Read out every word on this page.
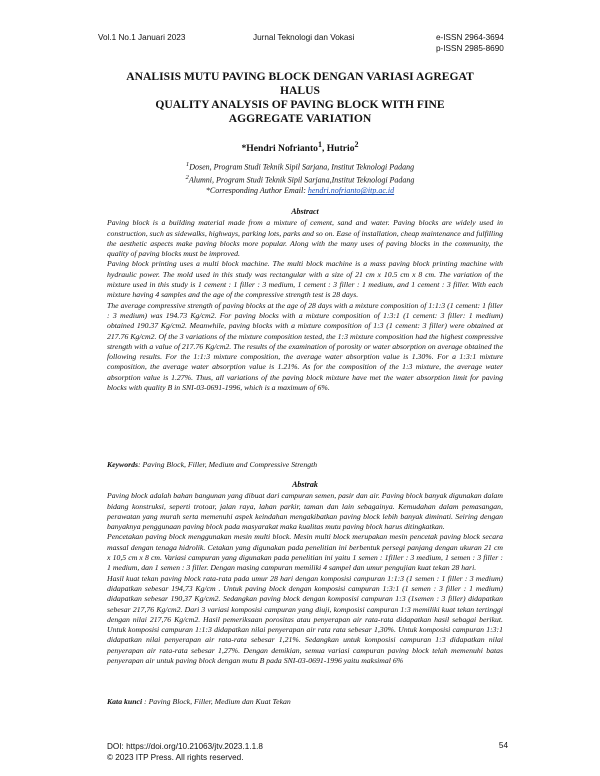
Vol.1 No.1 Januari 2023	Jurnal Teknologi dan Vokasi	e-ISSN 2964-3694
p-ISSN 2985-8690
ANALISIS MUTU PAVING BLOCK DENGAN VARIASI AGREGAT
HALUS
QUALITY ANALYSIS OF PAVING BLOCK WITH FINE
AGGREGATE VARIATION
*Hendri Nofrianto$^1$, Hutrio$^2$
$^1$Dosen, Program Studi Teknik Sipil Sarjana, Institut Teknologi Padang
$^2$Alumni, Program Studi Teknik Sipil Sarjana,Institut Teknologi Padang
*Corresponding Author Email: hendri.nofrianto@itp.ac.id
Abstract

Paving block is a building material made from a mixture of cement, sand and water. Paving blocks are widely used in construction, such as sidewalks, highways, parking lots, parks and so on. Ease of installation, cheap maintenance and fulfilling the aesthetic aspects make paving blocks more popular. Along with the many uses of paving blocks in the community, the quality of paving blocks must be improved.

Paving block printing uses a multi block machine. The multi block machine is a mass paving block printing machine with hydraulic power. The mold used in this study was rectangular with a size of 21 cm x 10.5 cm x 8 cm. The variation of the mixture used in this study is 1 cement : 1 filler : 3 medium, 1 cement : 3 filler : 1 medium, and 1 cement : 3 filler. With each mixture having 4 samples and the age of the compressive strength test is 28 days.

The average compressive strength of paving blocks at the age of 28 days with a mixture composition of 1:1:3 (1 cement: 1 filler : 3 medium) was 194.73 Kg/cm2. For paving blocks with a mixture composition of 1:3:1 (1 cement: 3 filler: 1 medium) obtained 190.37 Kg/cm2. Meanwhile, paving blocks with a mixture composition of 1:3 (1 cement: 3 filler) were obtained at 217.76 Kg/cm2. Of the 3 variations of the mixture composition tested, the 1:3 mixture composition had the highest compressive strength with a value of 217.76 Kg/cm2. The results of the examination of porosity or water absorption on average obtained the following results. For the 1:1:3 mixture composition, the average water absorption value is 1.30%. For a 1:3:1 mixture composition, the average water absorption value is 1.21%. As for the composition of the 1:3 mixture, the average water absorption value is 1.27%. Thus, all variations of the paving block mixture have met the water absorption limit for paving blocks with quality B in SNI-03-0691-1996, which is a maximum of 6%.

Keywords: Paving Block, Filler, Medium and Compressive Strength
Abstrak

Paving block adalah bahan bangunan yang dibuat dari campuran semen, pasir dan air. Paving block banyak digunakan dalam bidang konstruksi, seperti trotoar, jalan raya, lahan parkir, taman dan lain sebagainya. Kemudahan dalam pemasangan, perawatan yang murah serta memenuhi aspek keindahan mengakibatkan paving block lebih banyak diminati. Seiring dengan banyaknya penggunaan paving block pada masyarakat maka kualitas mutu paving block harus ditingkatkan.

Pencetakan paving block menggunakan mesin multi block. Mesin multi block merupakan mesin pencetak paving block secara massal dengan tenaga hidrolik. Cetakan yang digunakan pada penelitian ini berbentuk persegi panjang dengan ukuran 21 cm x 10,5 cm x 8 cm. Variasi campuran yang digunakan pada penelitian ini yaitu 1 semen : 1filler : 3 medium, 1 semen : 3 filler : 1 medium, dan 1 semen : 3 filler. Dengan masing campuran memiliki 4 sampel dan umur pengujian kuat tekan 28 hari.

Hasil kuat tekan paving block rata-rata pada umur 28 hari dengan komposisi campuran 1:1:3 (1 semen : 1 filler : 3 medium) didapatkan sebesar 194,73 Kg/cm . Untuk paving block dengan komposisi campuran 1:3:1 (1 semen : 3 filler : 1 medium) didapatkan sebesar 190,37 Kg/cm2. Sedangkan paving block dengan komposisi campuran 1:3 (1semen : 3 filler) didapatkan sebesar 217,76 Kg/cm2. Dari 3 variasi komposisi campuran yang diuji, komposisi campuran 1:3 memiliki kuat tekan tertinggi dengan nilai 217,76 Kg/cm2. Hasil pemeriksaan porositas atau penyerapan air rata-rata didapatkan hasil sebagai berikut. Untuk komposisi campuran 1:1:3 didapatkan nilai penyerapan air rata rata sebesar 1,30%. Untuk komposisi campuran 1:3:1 didapatkan nilai penyerapan air rata-rata sebesar 1,21%. Sedangkan untuk komposisi campuran 1:3 didapatkan nilai penyerapan air rata-rata sebesar 1,27%. Dengan demikian, semua variasi campuran paving block telah memenuhi batas penyerapan air untuk paving block dengan mutu B pada SNI-03-0691-1996 yaitu maksimal 6%

Kata kunci : Paving Block, Filler, Medium dan Kuat Tekan
DOI: https://doi.org/10.21063/jtv.2023.1.1.8
© 2023 ITP Press. All rights reserved.
54
